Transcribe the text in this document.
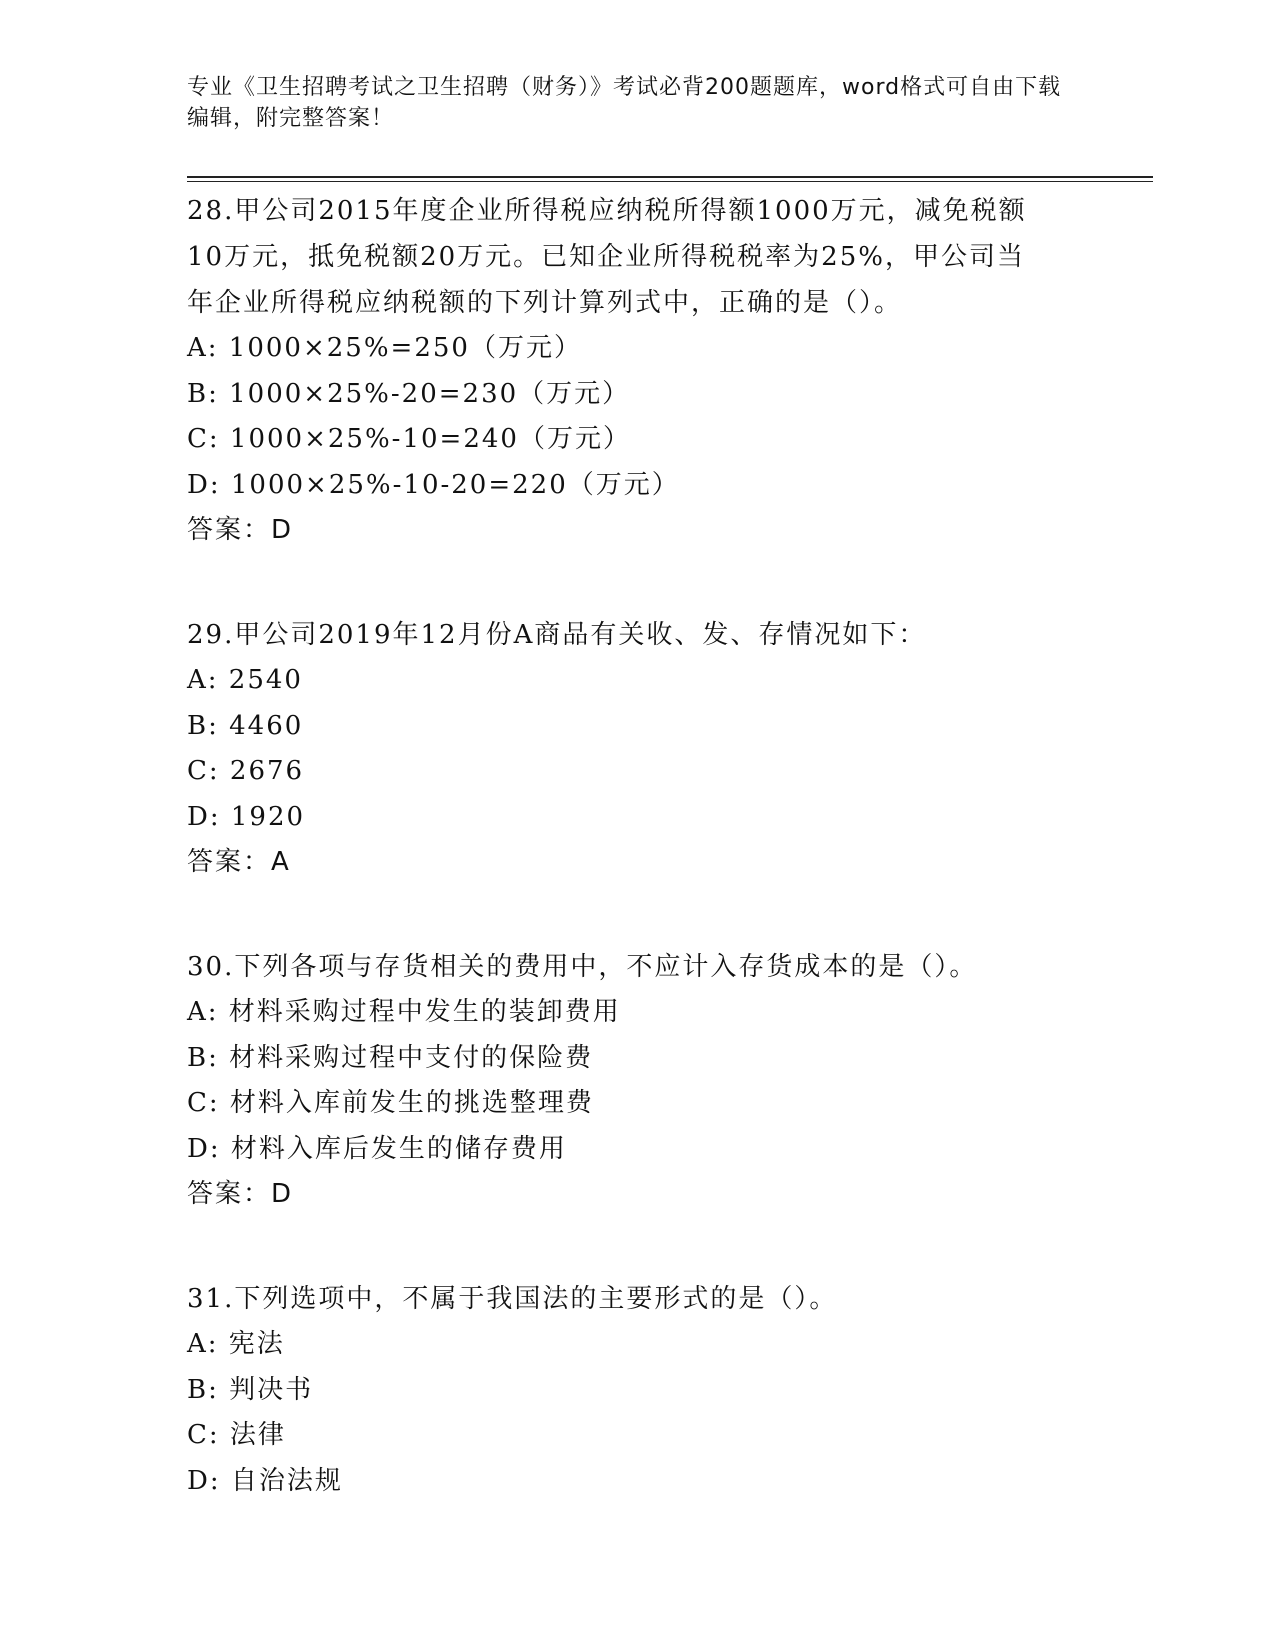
专业《卫生招聘考试之卫生招聘（财务）》考试必背200题题库，word格式可自由下载编辑，附完整答案！

28.甲公司2015年度企业所得税应纳税所得额1000万元，减免税额10万元，抵免税额20万元。已知企业所得税税率为25%，甲公司当年企业所得税应纳税额的下列计算列式中，正确的是（）。

A: 1000×25%=250（万元）

B: 1000×25%-20=230（万元）

C: 1000×25%-10=240（万元）

D: 1000×25%-10-20=220（万元）

答案：D

29.甲公司2019年12月份A商品有关收、发、存情况如下：

A: 2540

B: 4460

C: 2676

D: 1920

答案：A

30.下列各项与存货相关的费用中，不应计入存货成本的是（）。

A: 材料采购过程中发生的装卸费用

B: 材料采购过程中支付的保险费

C: 材料入库前发生的挑选整理费

D: 材料入库后发生的储存费用

答案：D

31.下列选项中，不属于我国法的主要形式的是（）。

A: 宪法

B: 判决书

C: 法律

D: 自治法规
